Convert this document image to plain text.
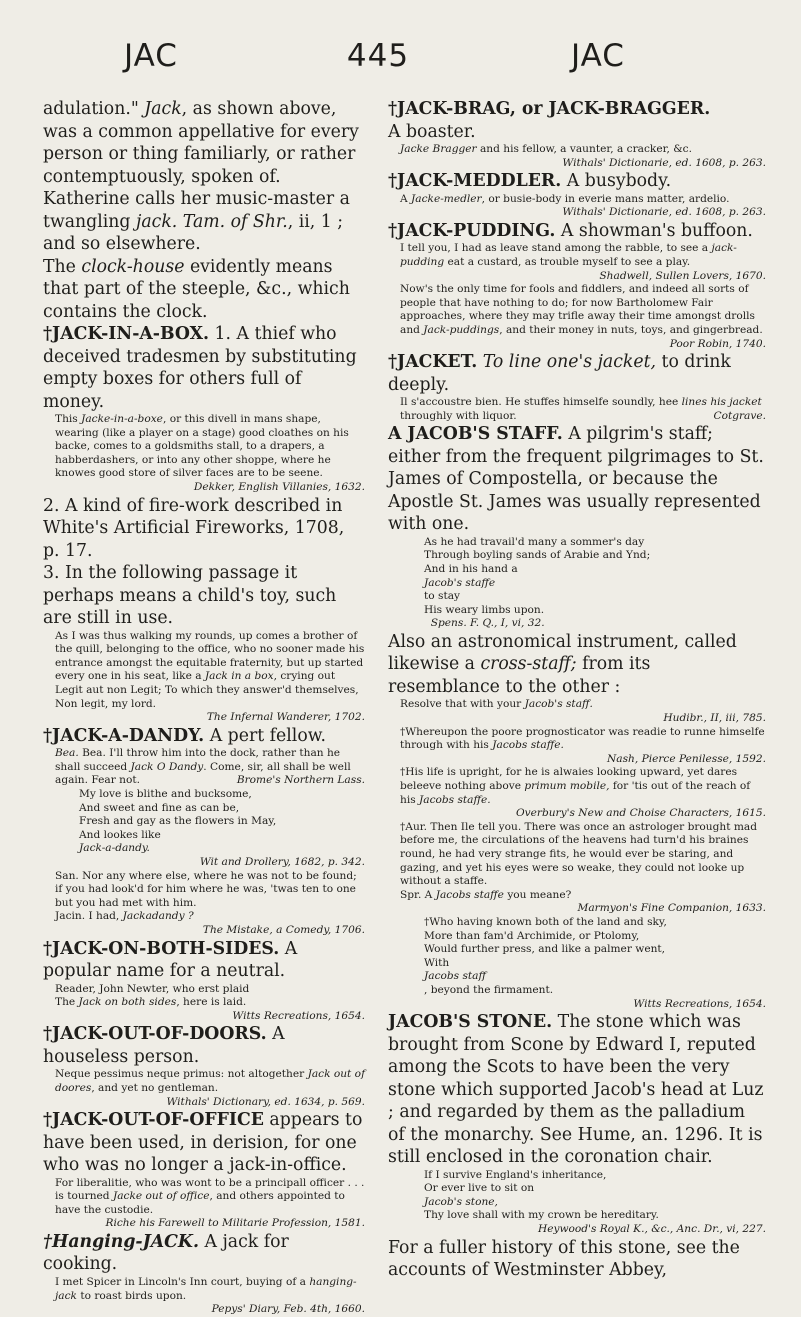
JAC	445	JAC

adulation." Jack, as shown above, was a common appellative for every person or thing familiarly, or rather contemptuously, spoken of. Katherine calls her music-master a twangling jack. Tam. of Shr., ii, 1 ; and so elsewhere.

The clock-house evidently means that part of the steeple, &c., which contains the clock.

†JACK-IN-A-BOX. 1. A thief who deceived tradesmen by substituting empty boxes for others full of money.

This Jacke-in-a-boxe, or this divell in mans shape, wearing (like a player on a stage) good cloathes on his backe, comes to a goldsmiths stall, to a drapers, a habberdashers, or into any other shoppe, where he knowes good store of silver faces are to be seene.

Dekker, English Villanies, 1632.

2. A kind of fire-work described in White's Artificial Fireworks, 1708, p. 17.

3. In the following passage it perhaps means a child's toy, such are still in use.

As I was thus walking my rounds, up comes a brother of the quill, belonging to the office, who no sooner made his entrance amongst the equitable fraternity, but up started every one in his seat, like a Jack in a box, crying out Legit aut non Legit; To which they answer'd themselves, Non legit, my lord.

The Infernal Wanderer, 1702.

†JACK-A-DANDY. A pert fellow.

Bea. Bea. I'll throw him into the dock, rather than he shall succeed Jack O Dandy. Come, sir, all shall be well again. Fear not.	Brome's Northern Lass.

My love is blithe and bucksome,
And sweet and fine as can be,
Fresh and gay as the flowers in May,
And lookes like
Jack-a-dandy.

Wit and Drollery, 1682, p. 342.

San. Nor any where else, where he was not to be found; if you had look'd for him where he was, 'twas ten to one but you had met with him.

Jacin. I had, Jackadandy ?

The Mistake, a Comedy, 1706.

†JACK-ON-BOTH-SIDES. A popular name for a neutral.

Reader, John Newter, who erst plaid
The Jack on both sides, here is laid.

Witts Recreations, 1654.

†JACK-OUT-OF-DOORS. A houseless person.

Neque pessimus neque primus: not altogether Jack out of doores, and yet no gentleman.

Withals' Dictionary, ed. 1634, p. 569.

†JACK-OUT-OF-OFFICE appears to have been used, in derision, for one who was no longer a jack-in-office.

For liberalitie, who was wont to be a principall officer . . . is tourned Jacke out of office, and others appointed to have the custodie.

Riche his Farewell to Militarie Profession, 1581.

†Hanging-JACK. A jack for cooking.

I met Spicer in Lincoln's Inn court, buying of a hanging-jack to roast birds upon.

Pepys' Diary, Feb. 4th, 1660.

†JACK-BRAG, or JACK-BRAGGER.
A boaster.

Jacke Bragger and his fellow, a vaunter, a cracker, &c.

Withals' Dictionarie, ed. 1608, p. 263.

†JACK-MEDDLER. A busybody.

A Jacke-medler, or busie-body in everie mans matter, ardelio.

Withals' Dictionarie, ed. 1608, p. 263.

†JACK-PUDDING. A showman's buffoon.

I tell you, I had as leave stand among the rabble, to see a jack-pudding eat a custard, as trouble myself to see a play.

Shadwell, Sullen Lovers, 1670.

Now's the only time for fools and fiddlers, and indeed all sorts of people that have nothing to do; for now Bartholomew Fair approaches, where they may trifle away their time amongst drolls and Jack-puddings, and their money in nuts, toys, and gingerbread.

Poor Robin, 1740.

†JACKET. To line one's jacket, to drink deeply.

Il s'accoustre bien. He stuffes himselfe soundly, hee lines his jacket throughly with liquor.	Cotgrave.

A JACOB'S STAFF. A pilgrim's staff; either from the frequent pilgrimages to St. James of Compostella, or because the Apostle St. James was usually represented with one.

As he had travail'd many a sommer's day
Through boyling sands of Arabie and Ynd;
And in his hand a
Jacob's staffe
to stay
His weary limbs upon.
Spens. F. Q., I, vi, 32.

Also an astronomical instrument, called likewise a cross-staff; from its resemblance to the other :

Resolve that with your Jacob's staff.

Hudibr., II, iii, 785.

†Whereupon the poore prognosticator was readie to runne himselfe through with his Jacobs staffe.

Nash, Pierce Penilesse, 1592.

†His life is upright, for he is alwaies looking upward, yet dares beleeve nothing above primum mobile, for 'tis out of the reach of his Jacobs staffe.

Overbury's New and Choise Characters, 1615.

†Aur. Then Ile tell you. There was once an astrologer brought mad before me, the circulations of the heavens had turn'd his braines round, he had very strange fits, he would ever be staring, and gazing, and yet his eyes were so weake, they could not looke up without a staffe.
Spr. A Jacobs staffe you meane?

Marmyon's Fine Companion, 1633.

†Who having known both of the land and sky,
More than fam'd Archimide, or Ptolomy,
Would further press, and like a palmer went,
With
Jacobs staff
, beyond the firmament.

Witts Recreations, 1654.

JACOB'S STONE. The stone which was brought from Scone by Edward I, reputed among the Scots to have been the very stone which supported Jacob's head at Luz ; and regarded by them as the palladium of the monarchy. See Hume, an. 1296. It is still enclosed in the coronation chair.

If I survive England's inheritance,
Or ever live to sit on
Jacob's stone,
Thy love shall with my crown be hereditary.

Heywood's Royal K., &c., Anc. Dr., vi, 227.

For a fuller history of this stone, see the accounts of Westminster Abbey,
